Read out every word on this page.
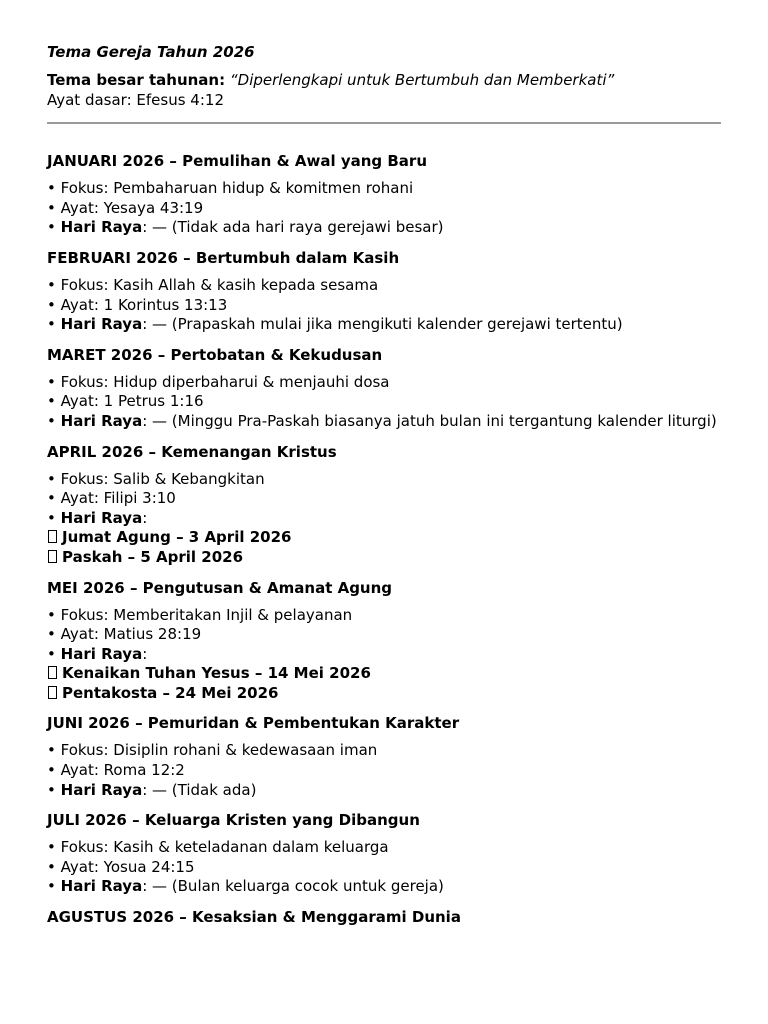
Tema Gereja Tahun 2026
Tema besar tahunan: “Diperlengkapi untuk Bertumbuh dan Memberkati”
Ayat dasar: Efesus 4:12
JANUARI 2026 – Pemulihan & Awal yang Baru
• Fokus: Pembaharuan hidup & komitmen rohani
• Ayat: Yesaya 43:19
• Hari Raya: — (Tidak ada hari raya gerejawi besar)
FEBRUARI 2026 – Bertumbuh dalam Kasih
• Fokus: Kasih Allah & kasih kepada sesama
• Ayat: 1 Korintus 13:13
• Hari Raya: — (Prapaskah mulai jika mengikuti kalender gerejawi tertentu)
MARET 2026 – Pertobatan & Kekudusan
• Fokus: Hidup diperbaharui & menjauhi dosa
• Ayat: 1 Petrus 1:16
• Hari Raya: — (Minggu Pra-Paskah biasanya jatuh bulan ini tergantung kalender liturgi)
APRIL 2026 – Kemenangan Kristus
• Fokus: Salib & Kebangkitan
• Ayat: Filipi 3:10
• Hari Raya:
Jumat Agung – 3 April 2026
Paskah – 5 April 2026
MEI 2026 – Pengutusan & Amanat Agung
• Fokus: Memberitakan Injil & pelayanan
• Ayat: Matius 28:19
• Hari Raya:
Kenaikan Tuhan Yesus – 14 Mei 2026
Pentakosta – 24 Mei 2026
JUNI 2026 – Pemuridan & Pembentukan Karakter
• Fokus: Disiplin rohani & kedewasaan iman
• Ayat: Roma 12:2
• Hari Raya: — (Tidak ada)
JULI 2026 – Keluarga Kristen yang Dibangun
• Fokus: Kasih & keteladanan dalam keluarga
• Ayat: Yosua 24:15
• Hari Raya: — (Bulan keluarga cocok untuk gereja)
AGUSTUS 2026 – Kesaksian & Menggarami Dunia
